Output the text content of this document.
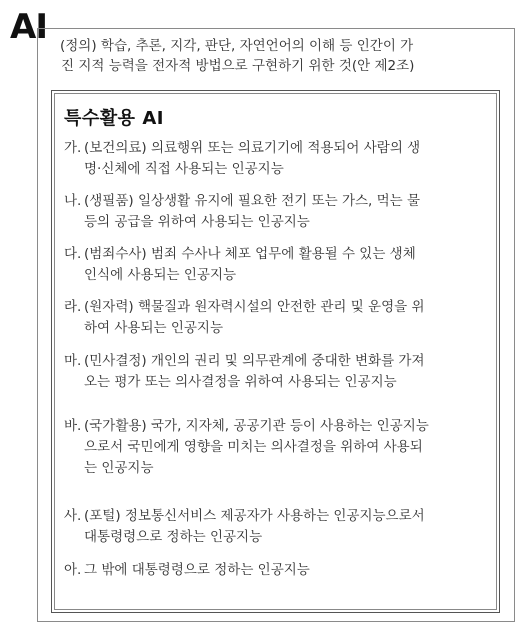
AI (정의) 학습, 추론, 지각, 판단, 자연언어의 이해 등 인간이 가
진 지적 능력을 전자적 방법으로 구현하기 위한 것(안 제2조)
특수활용 AI
가. (보건의료) 의료행위 또는 의료기기에 적용되어 사람의 생
명·신체에 직접 사용되는 인공지능
나. (생필품) 일상생활 유지에 필요한 전기 또는 가스, 먹는 물
등의 공급을 위하여 사용되는 인공지능
다. (범죄수사) 범죄 수사나 체포 업무에 활용될 수 있는 생체
인식에 사용되는 인공지능
라. (원자력) 핵물질과 원자력시설의 안전한 관리 및 운영을 위
하여 사용되는 인공지능
마. (민사결정) 개인의 권리 및 의무관계에 중대한 변화를 가져
오는 평가 또는 의사결정을 위하여 사용되는 인공지능
바. (국가활용) 국가, 지자체, 공공기관 등이 사용하는 인공지능
으로서 국민에게 영향을 미치는 의사결정을 위하여 사용되
는 인공지능
사. (포털) 정보통신서비스 제공자가 사용하는 인공지능으로서
대통령령으로 정하는 인공지능
아. 그 밖에 대통령령으로 정하는 인공지능
